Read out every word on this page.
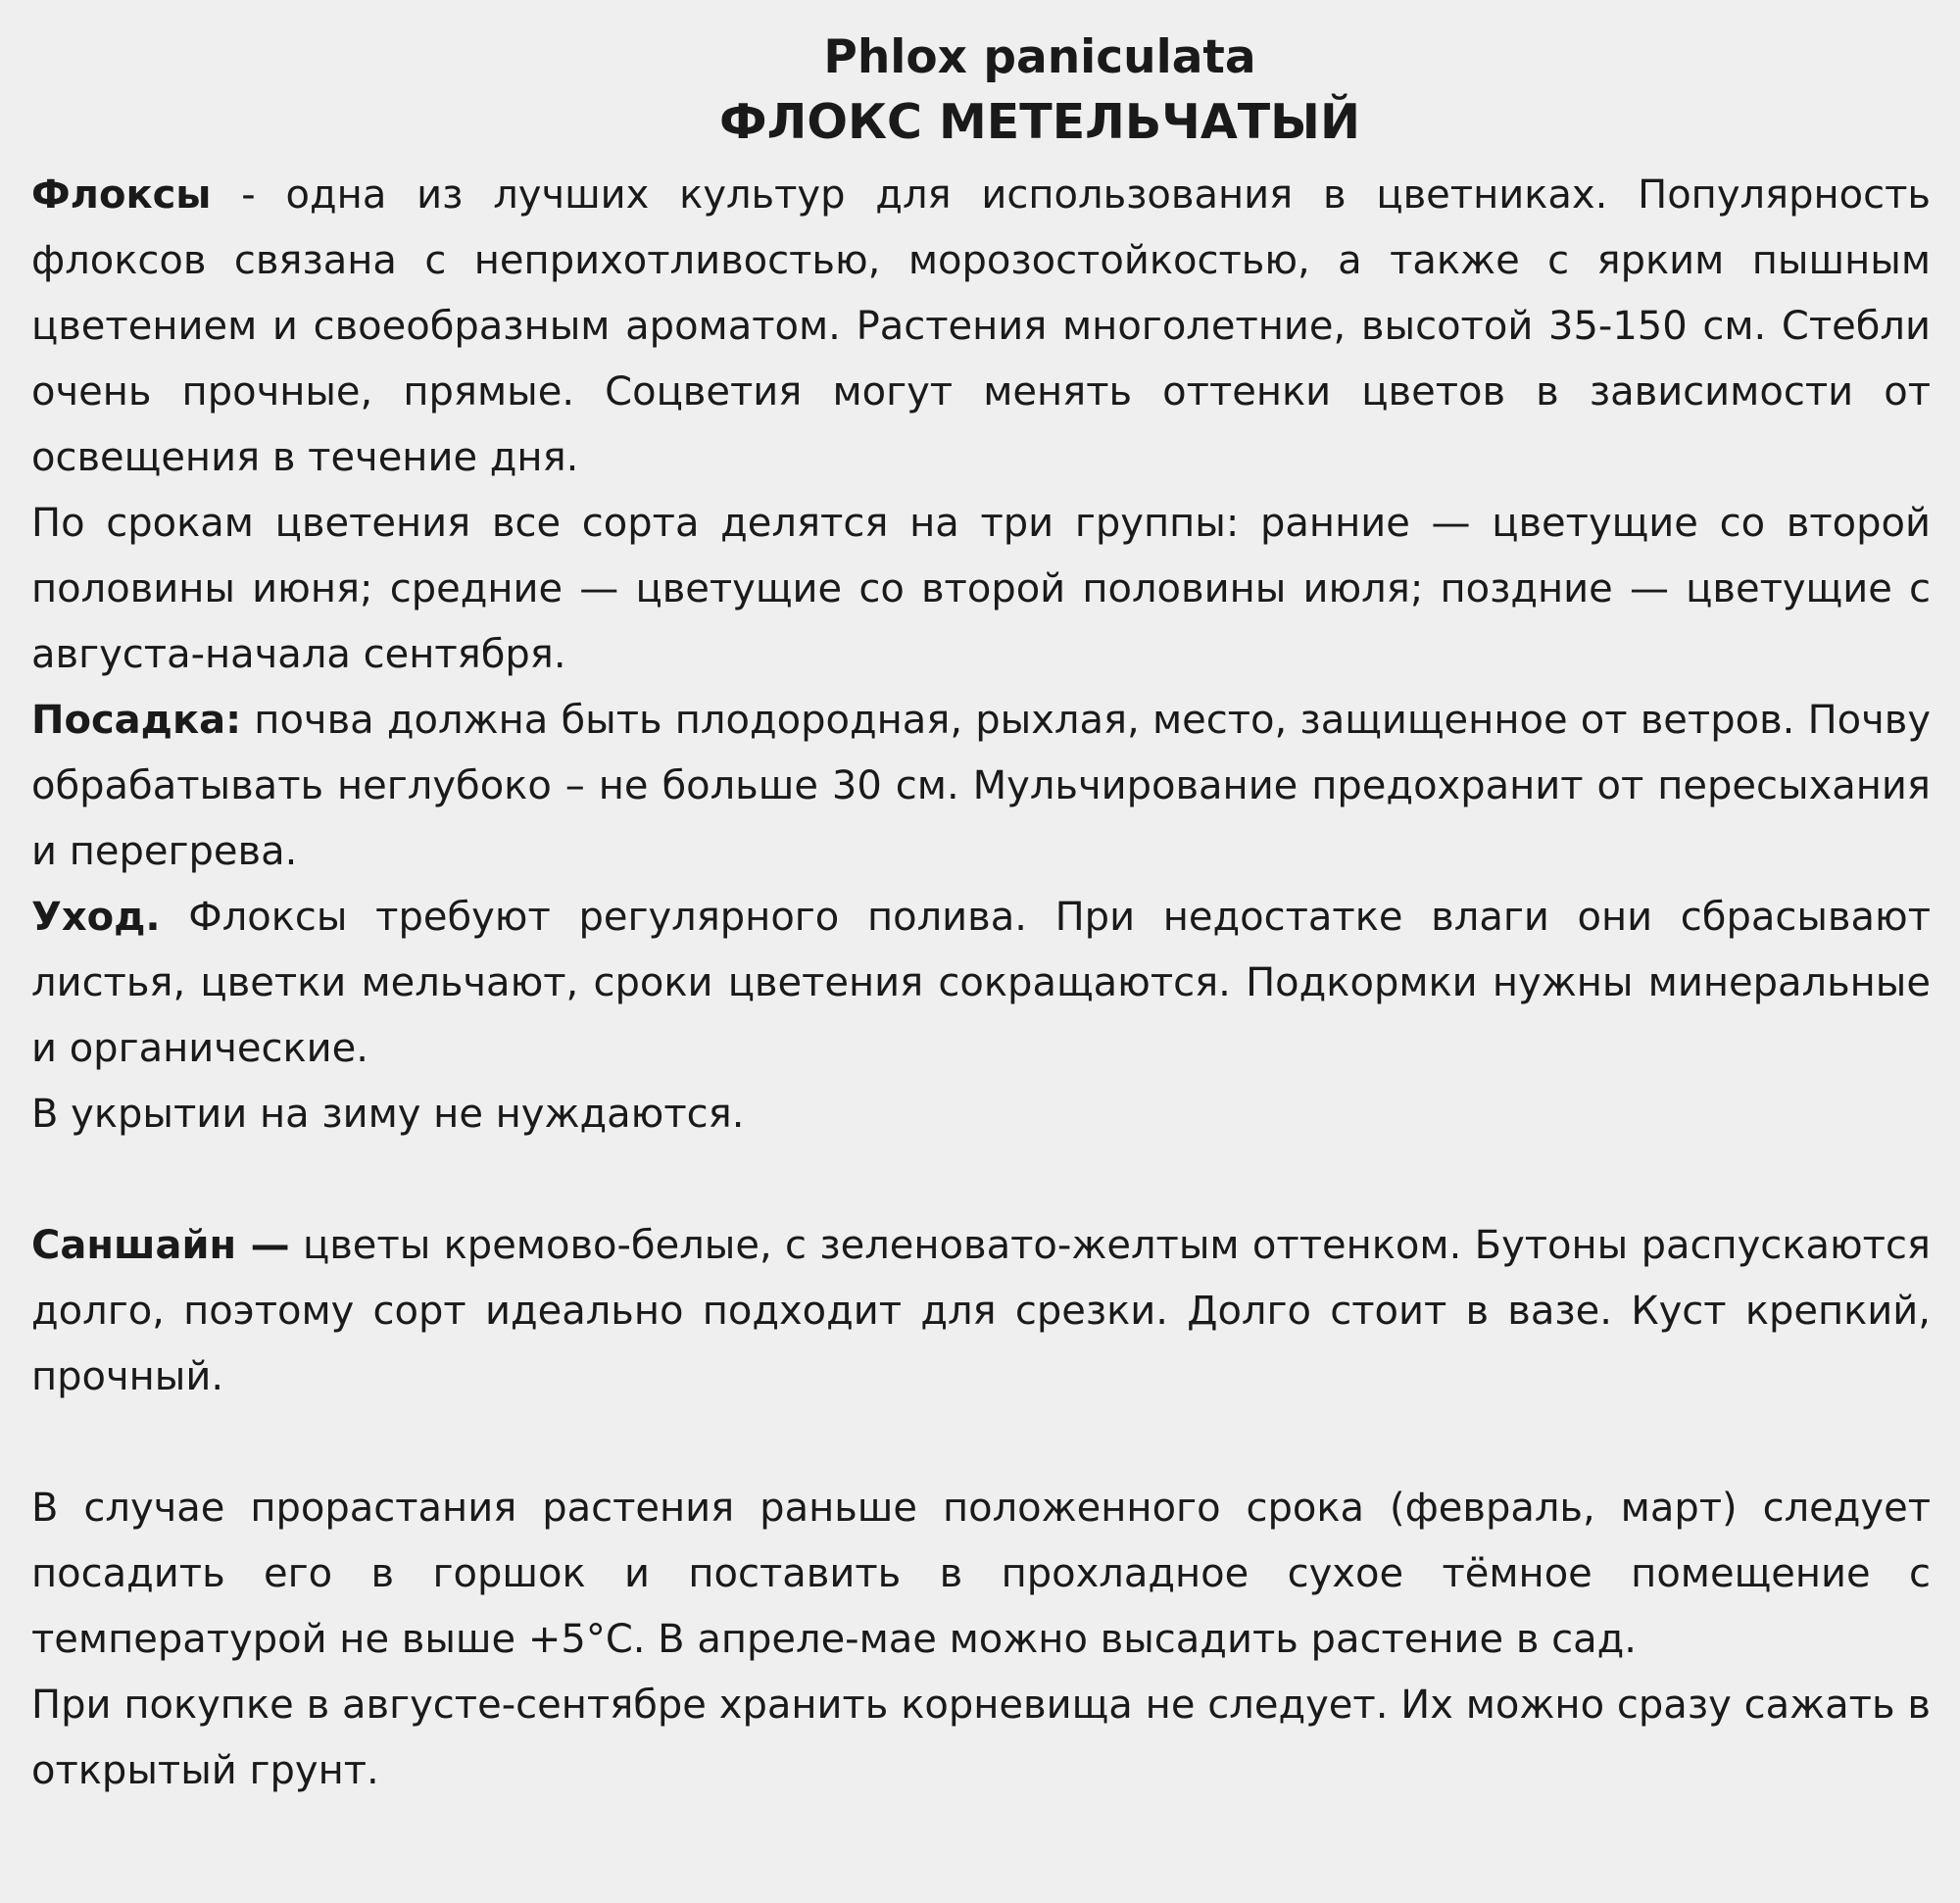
Phlox paniculata
ФЛОКС МЕТЕЛЬЧАТЫЙ

Флоксы - одна из лучших культур для использования в цветниках. Популярность флоксов связана с неприхотливостью, морозостойкостью, а также с ярким пышным цветением и своеобразным ароматом. Растения многолетние, высотой 35-150 см. Стебли очень прочные, прямые. Соцветия могут менять оттенки цветов в зависимости от освещения в течение дня.

По срокам цветения все сорта делятся на три группы: ранние — цветущие со второй половины июня; средние — цветущие со второй половины июля; поздние — цветущие с августа-начала сентября.

Посадка: почва должна быть плодородная, рыхлая, место, защищенное от ветров. Почву обрабатывать неглубоко – не больше 30 см. Мульчирование предохранит от пересыхания и перегрева.

Уход. Флоксы требуют регулярного полива. При недостатке влаги они сбрасывают листья, цветки мельчают, сроки цветения сокращаются. Подкормки нужны минеральные и органические.

В укрытии на зиму не нуждаются.

Саншайн — цветы кремово-белые, с зеленовато-желтым оттенком. Бутоны распускаются долго, поэтому сорт идеально подходит для срезки. Долго стоит в вазе. Куст крепкий, прочный.

В случае прорастания растения раньше положенного срока (февраль, март) следует посадить его в горшок и поставить в прохладное сухое тёмное помещение с температурой не выше +5°С. В апреле-мае можно высадить растение в сад.

При покупке в августе-сентябре хранить корневища не следует. Их можно сразу сажать в открытый грунт.
